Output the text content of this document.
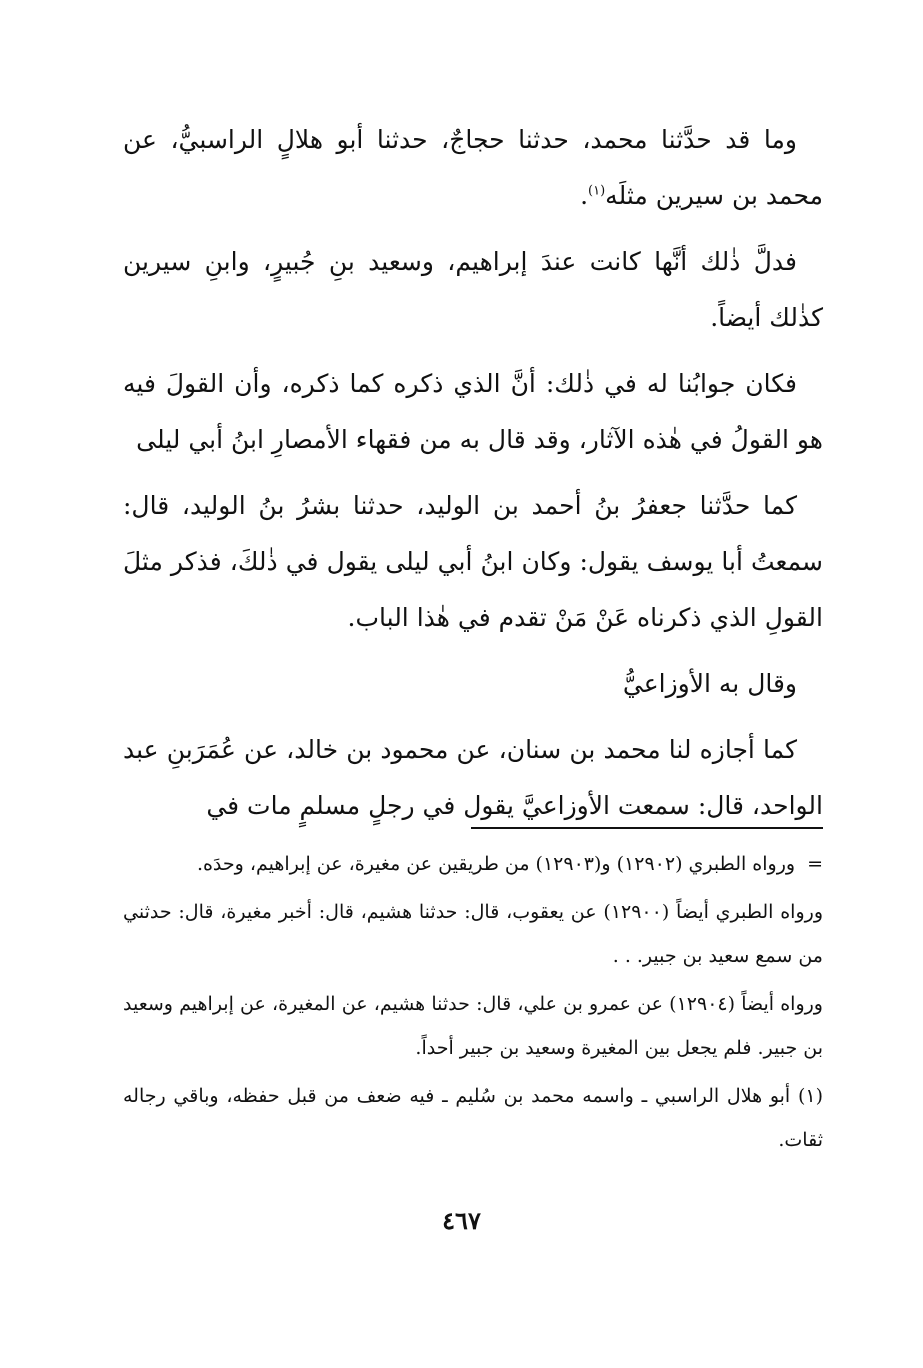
وما قد حدَّثنا محمد، حدثنا حجاجٌ، حدثنا أبو هلالٍ الراسبيُّ، عن محمد بن سيرين مثلَه$^{(١)}$.

فدلَّ ذٰلك أنَّها كانت عندَ إبراهيم، وسعيد بنِ جُبيرٍ، وابنِ سيرين كذٰلك أيضاً.

فكان جوابُنا له في ذٰلك: أنَّ الذي ذكره كما ذكره، وأن القولَ فيه هو القولُ في هٰذه الآثار، وقد قال به من فقهاء الأمصارِ ابنُ أبي ليلى

كما حدَّثنا جعفرُ بنُ أحمد بن الوليد، حدثنا بشرُ بنُ الوليد، قال: سمعتُ أبا يوسف يقول: وكان ابنُ أبي ليلى يقول في ذٰلكَ، فذكر مثلَ القولِ الذي ذكرناه عَنْ مَنْ تقدم في هٰذا الباب.

وقال به الأوزاعيُّ

كما أجازه لنا محمد بن سنان، عن محمود بن خالد، عن عُمَرَبنِ عبد الواحد، قال: سمعت الأوزاعيَّ يقول في رجلٍ مسلمٍ مات في

=ورواه الطبري (١٢٩٠٢) و(١٢٩٠٣) من طريقين عن مغيرة، عن إبراهيم، وحدَه.

ورواه الطبري أيضاً (١٢٩٠٠) عن يعقوب، قال: حدثنا هشيم، قال: أخبر مغيرة، قال: حدثني من سمع سعيد بن جبير. . .

ورواه أيضاً (١٢٩٠٤) عن عمرو بن علي، قال: حدثنا هشيم، عن المغيرة، عن إبراهيم وسعيد بن جبير. فلم يجعل بين المغيرة وسعيد بن جبير أحداً.

(١) أبو هلال الراسبي ـ واسمه محمد بن سُليم ـ فيه ضعف من قبل حفظه، وباقي رجاله ثقات.

٤٦٧
